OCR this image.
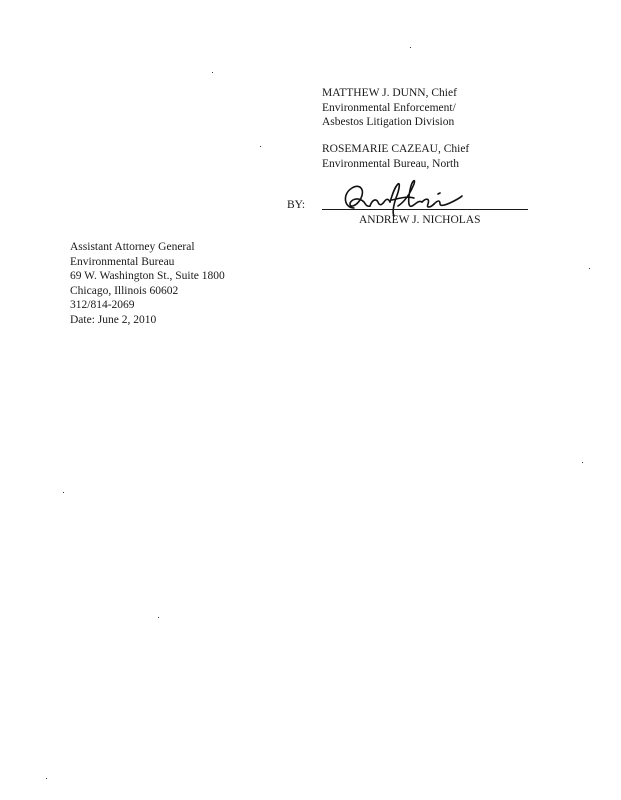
MATTHEW J. DUNN, Chief
Environmental Enforcement/
Asbestos Litigation Division
ROSEMARIE CAZEAU, Chief
Environmental Bureau, North
BY:
ANDREW J. NICHOLAS
Assistant Attorney General
Environmental Bureau
69 W. Washington St., Suite 1800
Chicago, Illinois 60602
312/814-2069
Date: June 2, 2010
